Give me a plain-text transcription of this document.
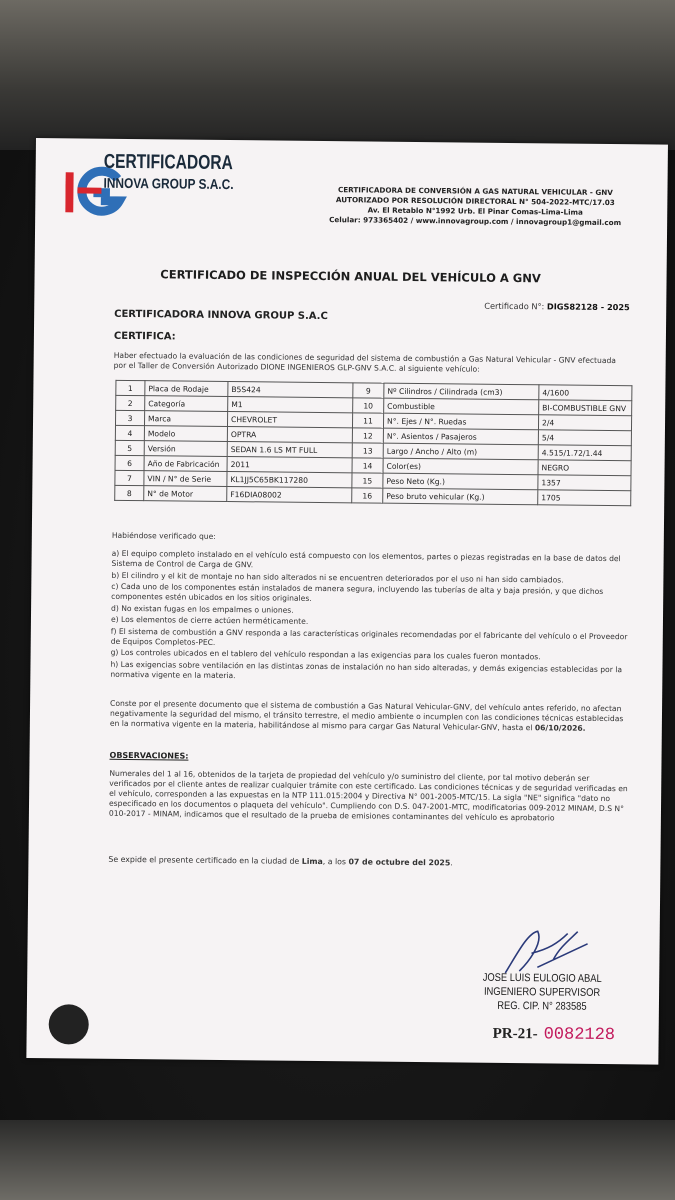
CERTIFICADORA
INNOVA GROUP S.A.C.	CERTIFICADORA DE CONVERSIÓN A GAS NATURAL VEHICULAR - GNV
AUTORIZADO POR RESOLUCIÓN DIRECTORAL N° 504-2022-MTC/17.03
Av. El Retablo N°1992 Urb. El Pinar Comas-Lima-Lima
Celular: 973365402 / www.innovagroup.com / innovagroup1@gmail.com
CERTIFICADO DE INSPECCIÓN ANUAL DEL VEHÍCULO A GNV
Certificado N°: DIGS82128 - 2025
CERTIFICADORA INNOVA GROUP S.A.C
CERTIFICA:
Haber efectuado la evaluación de las condiciones de seguridad del sistema de combustión a Gas Natural Vehicular - GNV efectuada por el Taller de Conversión Autorizado DIONE INGENIEROS GLP-GNV S.A.C. al siguiente vehículo:
1	Placa de Rodaje	B5S424	9	Nº Cilindros / Cilindrada (cm3)	4/1600
2	Categoría	M1	10	Combustible	BI-COMBUSTIBLE GNV
3	Marca	CHEVROLET	11	N°. Ejes / N°. Ruedas	2/4
4	Modelo	OPTRA	12	N°. Asientos / Pasajeros	5/4
5	Versión	SEDAN 1.6 LS MT FULL	13	Largo / Ancho / Alto (m)	4.515/1.72/1.44
6	Año de Fabricación	2011	14	Color(es)	NEGRO
7	VIN / N° de Serie	KL1JJ5C65BK117280	15	Peso Neto (Kg.)	1357
8	N° de Motor	F16DIA08002	16	Peso bruto vehicular (Kg.)	1705
Habiéndose verificado que:
a) El equipo completo instalado en el vehículo está compuesto con los elementos, partes o piezas registradas en la base de datos del Sistema de Control de Carga de GNV.
b) El cilindro y el kit de montaje no han sido alterados ni se encuentren deteriorados por el uso ni han sido cambiados.
c) Cada uno de los componentes están instalados de manera segura, incluyendo las tuberías de alta y baja presión, y que dichos componentes estén ubicados en los sitios originales.
d) No existan fugas en los empalmes o uniones.
e) Los elementos de cierre actúen herméticamente.
f) El sistema de combustión a GNV responda a las características originales recomendadas por el fabricante del vehículo o el Proveedor de Equipos Completos-PEC.
g) Los controles ubicados en el tablero del vehículo respondan a las exigencias para los cuales fueron montados.
h) Las exigencias sobre ventilación en las distintas zonas de instalación no han sido alteradas, y demás exigencias establecidas por la normativa vigente en la materia.
Conste por el presente documento que el sistema de combustión a Gas Natural Vehicular-GNV, del vehículo antes referido, no afectan negativamente la seguridad del mismo, el tránsito terrestre, el medio ambiente o incumplen con las condiciones técnicas establecidas en la normativa vigente en la materia, habilitándose al mismo para cargar Gas Natural Vehicular-GNV, hasta el 06/10/2026.
OBSERVACIONES:
Numerales del 1 al 16, obtenidos de la tarjeta de propiedad del vehículo y/o suministro del cliente, por tal motivo deberán ser verificados por el cliente antes de realizar cualquier trámite con este certificado. Las condiciones técnicas y de seguridad verificadas en el vehículo, corresponden a las expuestas en la NTP 111.015:2004 y Directiva N° 001-2005-MTC/15. La sigla "NE" significa "dato no especificado en los documentos o plaqueta del vehículo". Cumpliendo con D.S. 047-2001-MTC, modificatorias 009-2012 MINAM, D.S N° 010-2017 - MINAM, indicamos que el resultado de la prueba de emisiones contaminantes del vehículo es aprobatorio
Se expide el presente certificado en la ciudad de Lima, a los 07 de octubre del 2025.
JOSE LUIS EULOGIO ABAL
INGENIERO SUPERVISOR
REG. CIP. N° 283585
PR-21- 0082128
